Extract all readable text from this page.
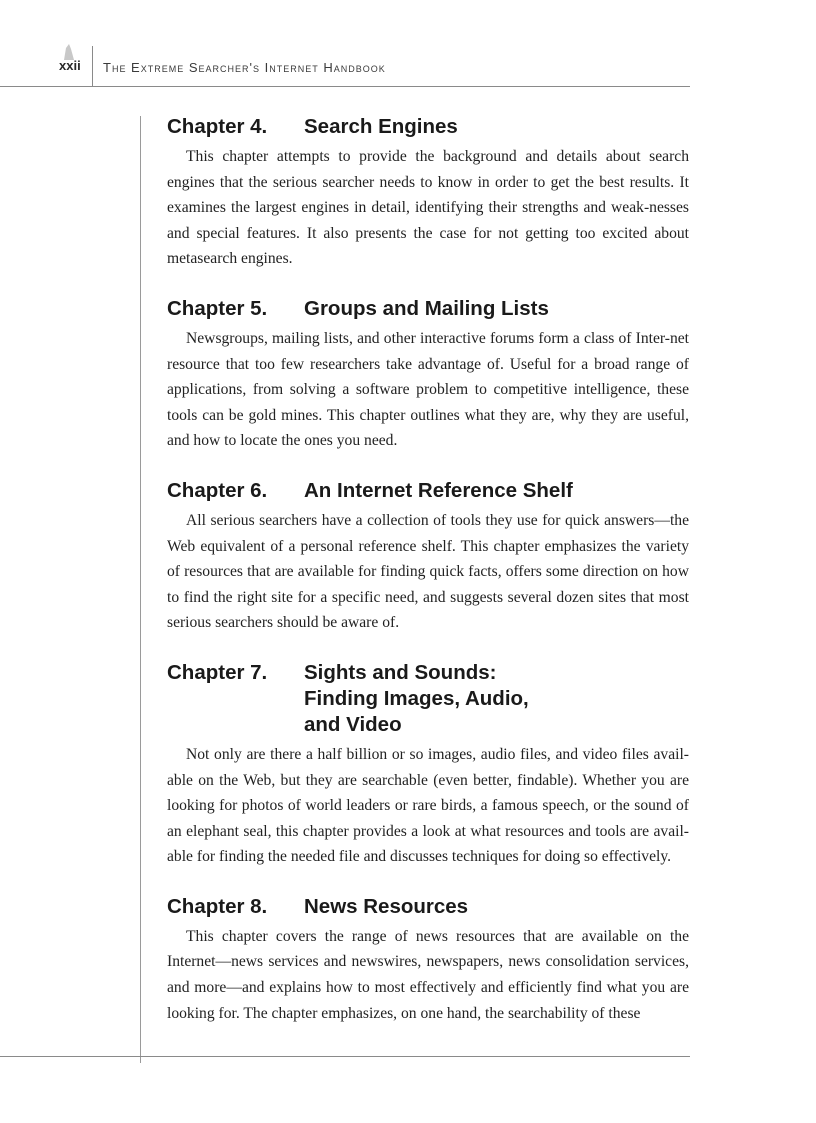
xxii The Extreme Searcher's Internet Handbook
Chapter 4.	Search Engines

This chapter attempts to provide the background and details about search engines that the serious searcher needs to know in order to get the best results. It examines the largest engines in detail, identifying their strengths and weak-nesses and special features. It also presents the case for not getting too excited about metasearch engines.

Chapter 5.	Groups and Mailing Lists

Newsgroups, mailing lists, and other interactive forums form a class of Inter-net resource that too few researchers take advantage of. Useful for a broad range of applications, from solving a software problem to competitive intelligence, these tools can be gold mines. This chapter outlines what they are, why they are useful, and how to locate the ones you need.

Chapter 6.	An Internet Reference Shelf

All serious searchers have a collection of tools they use for quick answers—the Web equivalent of a personal reference shelf. This chapter emphasizes the variety of resources that are available for finding quick facts, offers some direction on how to find the right site for a specific need, and suggests several dozen sites that most serious searchers should be aware of.

Chapter 7.	Sights and Sounds:
Finding Images, Audio,
and Video

Not only are there a half billion or so images, audio files, and video files avail-able on the Web, but they are searchable (even better, findable). Whether you are looking for photos of world leaders or rare birds, a famous speech, or the sound of an elephant seal, this chapter provides a look at what resources and tools are avail-able for finding the needed file and discusses techniques for doing so effectively.

Chapter 8.	News Resources

This chapter covers the range of news resources that are available on the Internet—news services and newswires, newspapers, news consolidation services, and more—and explains how to most effectively and efficiently find what you are looking for. The chapter emphasizes, on one hand, the searchability of these
